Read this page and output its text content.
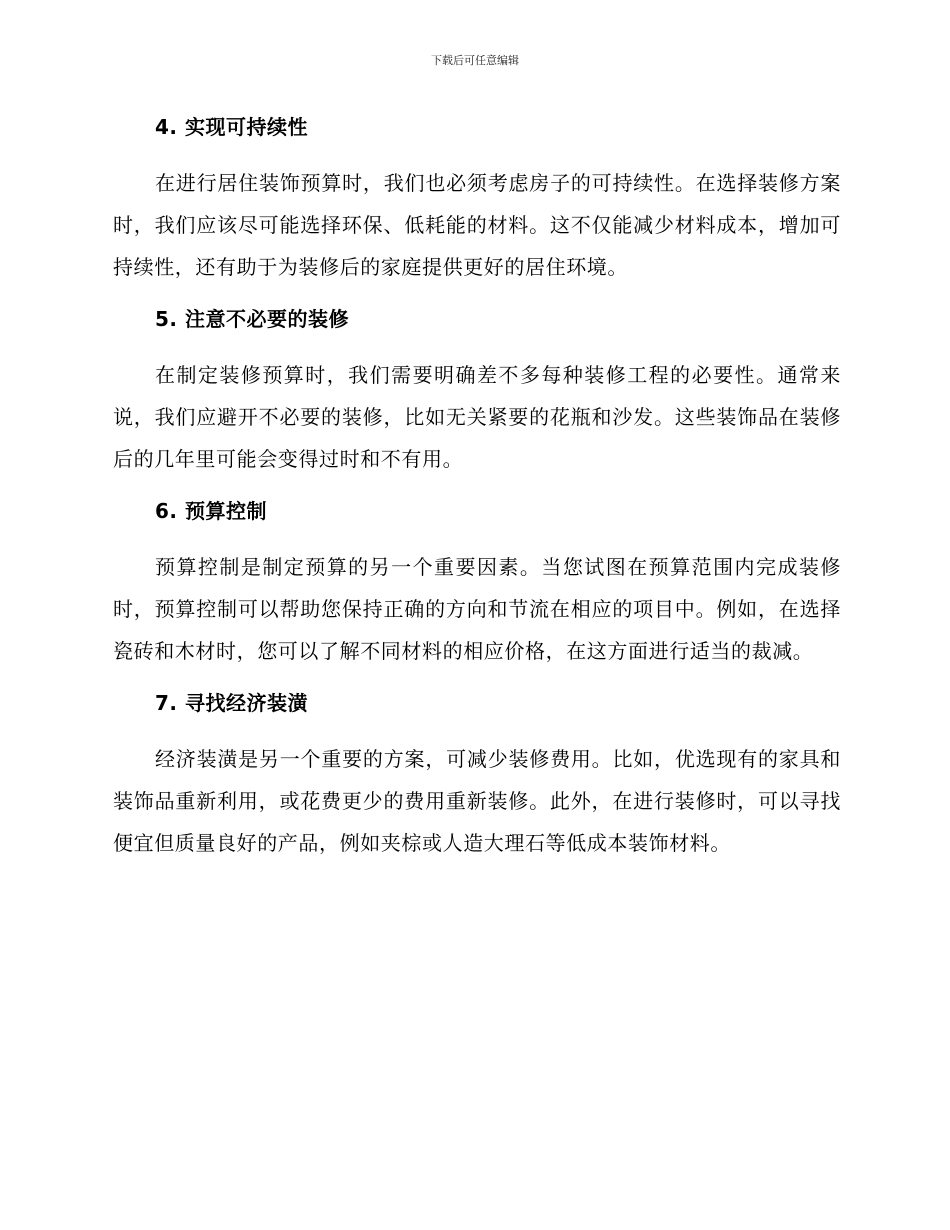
下载后可任意编辑
4. 实现可持续性

在进行居住装饰预算时，我们也必须考虑房子的可持续性。在选择装修方案时，我们应该尽可能选择环保、低耗能的材料。这不仅能减少材料成本，增加可持续性，还有助于为装修后的家庭提供更好的居住环境。

5. 注意不必要的装修

在制定装修预算时，我们需要明确差不多每种装修工程的必要性。通常来说，我们应避开不必要的装修，比如无关紧要的花瓶和沙发。这些装饰品在装修后的几年里可能会变得过时和不有用。

6. 预算控制

预算控制是制定预算的另一个重要因素。当您试图在预算范围内完成装修时，预算控制可以帮助您保持正确的方向和节流在相应的项目中。例如，在选择瓷砖和木材时，您可以了解不同材料的相应价格，在这方面进行适当的裁减。

7. 寻找经济装潢

经济装潢是另一个重要的方案，可减少装修费用。比如，优选现有的家具和装饰品重新利用，或花费更少的费用重新装修。此外，在进行装修时，可以寻找便宜但质量良好的产品，例如夹棕或人造大理石等低成本装饰材料。
